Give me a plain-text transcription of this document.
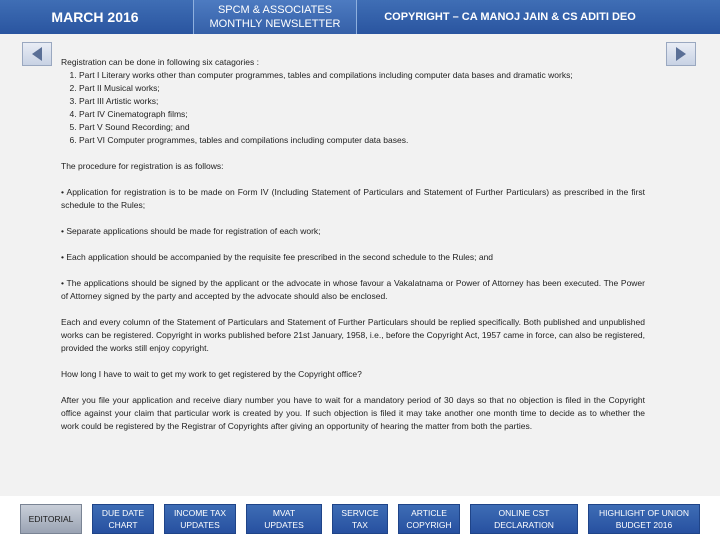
MARCH 2016	SPCM & ASSOCIATES
MONTHLY NEWSLETTER
COPYRIGHT – CA MANOJ JAIN & CS ADITI DEO

Registration can be done in following six catagories :

1. Part I Literary works other than computer programmes, tables and compilations including computer data bases and dramatic works;
2. Part II Musical works;
3. Part III Artistic works;
4. Part IV Cinematograph films;
5. Part V Sound Recording; and
6. Part VI Computer programmes, tables and compilations including computer data bases.

The procedure for registration is as follows:

• Application for registration is to be made on Form IV (Including Statement of Particulars and Statement of Further Particulars) as prescribed in the first schedule to the Rules;

• Separate applications should be made for registration of each work;

• Each application should be accompanied by the requisite fee prescribed in the second schedule to the Rules; and

• The applications should be signed by the applicant or the advocate in whose favour a Vakalatnama or Power of Attorney has been executed. The Power of Attorney signed by the party and accepted by the advocate should also be enclosed.

Each and every column of the Statement of Particulars and Statement of Further Particulars should be replied specifically. Both published and unpublished works can be registered. Copyright in works published before 21st January, 1958, i.e., before the Copyright Act, 1957 came in force, can also be registered, provided the works still enjoy copyright.

How long I have to wait to get my work to get registered by the Copyright office?

After you file your application and receive diary number you have to wait for a mandatory period of 30 days so that no objection is filed in the Copyright office against your claim that particular work is created by you. If such objection is filed it may take another one month time to decide as to whether the work could be registered by the Registrar of Copyrights after giving an opportunity of hearing the matter from both the parties.

EDITORIAL
DUE DATE
CHART
INCOME TAX
UPDATES
MVAT
UPDATES
SERVICE
TAX
ARTICLE
COPYRIGH
ONLINE CST
DECLARATION
HIGHLIGHT OF UNION
BUDGET 2016
